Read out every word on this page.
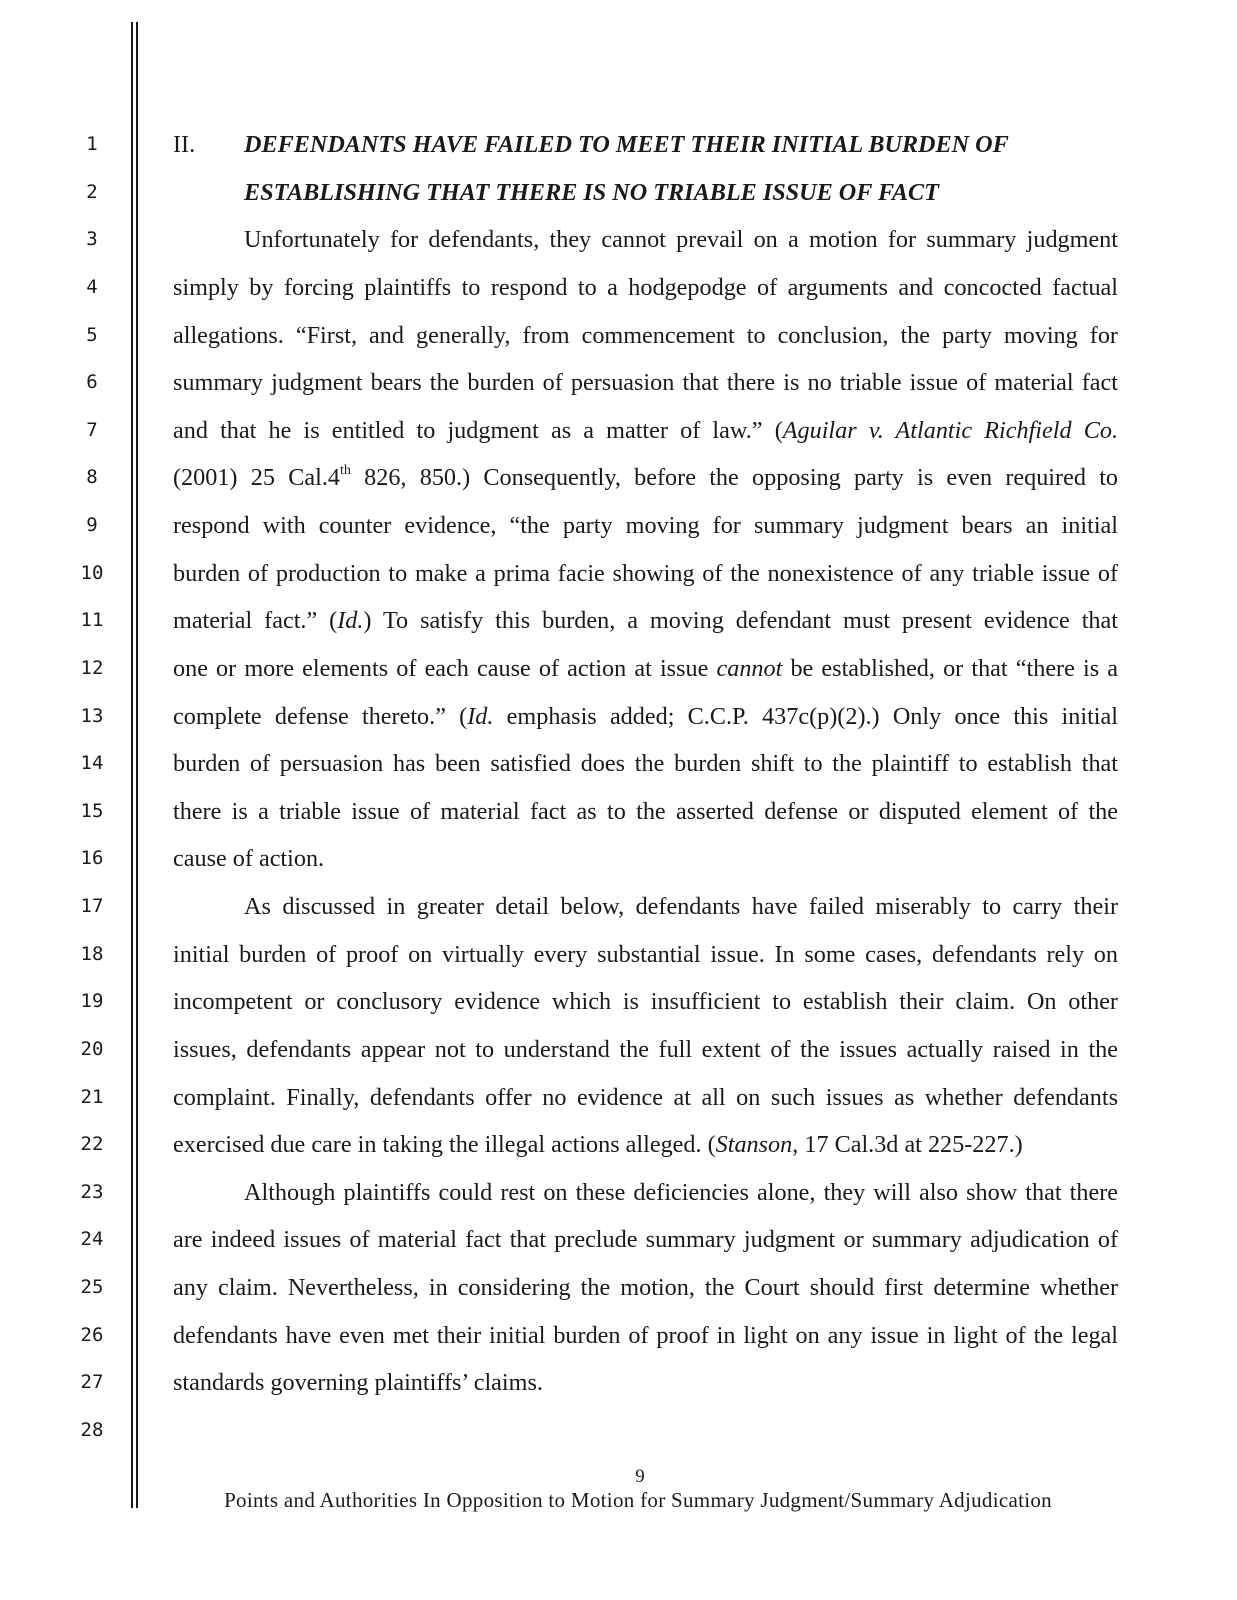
1
2
3
4
5
6
7
8
9
10
11
12
13
14
15
16
17
18
19
20
21
22
23
24
25
26
27
28
II. DEFENDANTS HAVE FAILED TO MEET THEIR INITIAL BURDEN OF
ESTABLISHING THAT THERE IS NO TRIABLE ISSUE OF FACT
Unfortunately for defendants, they cannot prevail on a motion for summary judgment
simply by forcing plaintiffs to respond to a hodgepodge of arguments and concocted factual
allegations. “First, and generally, from commencement to conclusion, the party moving for
summary judgment bears the burden of persuasion that there is no triable issue of material fact
and that he is entitled to judgment as a matter of law.” (Aguilar v. Atlantic Richfield Co.
(2001) 25 Cal.4th 826, 850.) Consequently, before the opposing party is even required to
respond with counter evidence, “the party moving for summary judgment bears an initial
burden of production to make a prima facie showing of the nonexistence of any triable issue of
material fact.” (Id.) To satisfy this burden, a moving defendant must present evidence that
one or more elements of each cause of action at issue cannot be established, or that “there is a
complete defense thereto.” (Id. emphasis added; C.C.P. 437c(p)(2).) Only once this initial
burden of persuasion has been satisfied does the burden shift to the plaintiff to establish that
there is a triable issue of material fact as to the asserted defense or disputed element of the
cause of action.
As discussed in greater detail below, defendants have failed miserably to carry their
initial burden of proof on virtually every substantial issue. In some cases, defendants rely on
incompetent or conclusory evidence which is insufficient to establish their claim. On other
issues, defendants appear not to understand the full extent of the issues actually raised in the
complaint. Finally, defendants offer no evidence at all on such issues as whether defendants
exercised due care in taking the illegal actions alleged. (Stanson, 17 Cal.3d at 225-227.)
Although plaintiffs could rest on these deficiencies alone, they will also show that there
are indeed issues of material fact that preclude summary judgment or summary adjudication of
any claim. Nevertheless, in considering the motion, the Court should first determine whether
defendants have even met their initial burden of proof in light on any issue in light of the legal
standards governing plaintiffs’ claims.
9
Points and Authorities In Opposition to Motion for Summary Judgment/Summary Adjudication
